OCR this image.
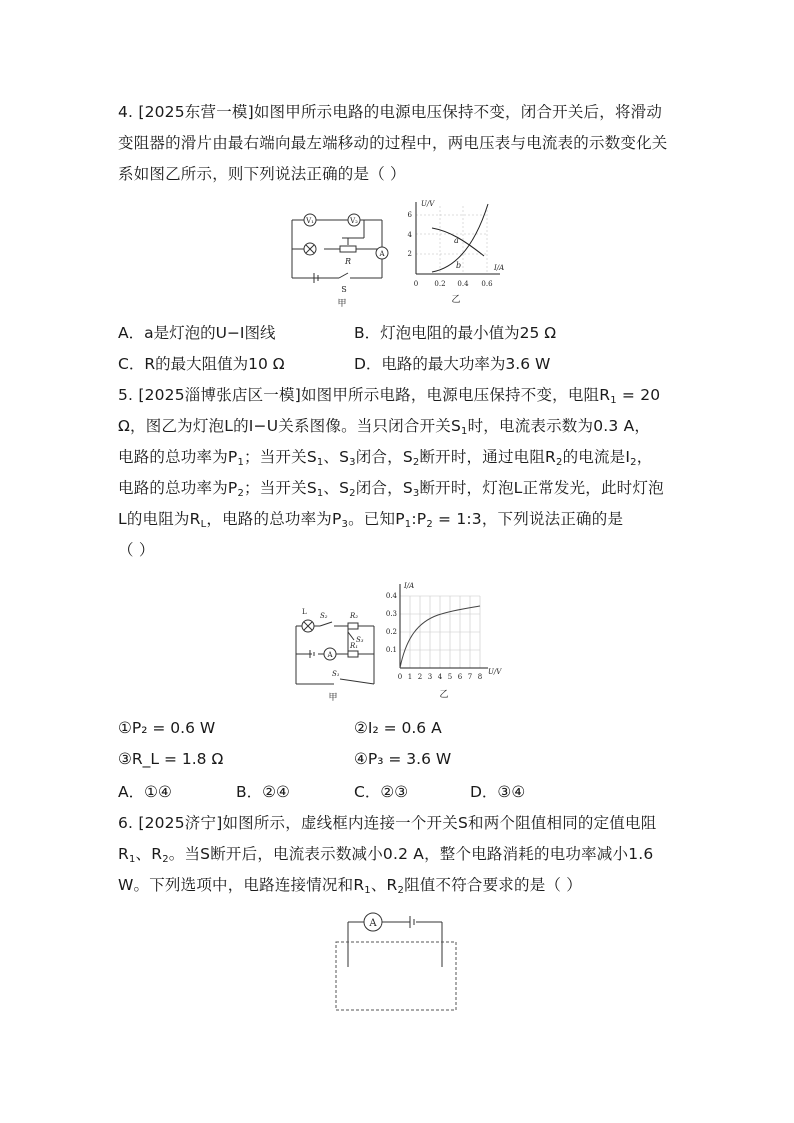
4. [2025东营一模]如图甲所示电路的电源电压保持不变，闭合开关后，将滑动
变阻器的滑片由最右端向最左端移动的过程中，两电压表与电流表的示数变化关
系如图乙所示，则下列说法正确的是（ ）
V₁	V₂
R
A
S
甲
a
b
U/V
I/A
6
4
2
0 0.2 0.4 0.6
乙
A．a是灯泡的U−I图线	B．灯泡电阻的最小值为25 Ω
C．R的最大阻值为10 Ω	D．电路的最大功率为3.6 W
5. [2025淄博张店区一模]如图甲所示电路，电源电压保持不变，电阻$R_1 = 20$
Ω，图乙为灯泡L的I−U关系图像。当只闭合开关$S_1$时，电流表示数为0.3 A，
电路的总功率为$P_1$；当开关$S_1$、$S_3$闭合，$S_2$断开时，通过电阻$R_2$的电流是$I_2$，
电路的总功率为$P_2$；当开关$S_1$、$S_2$闭合，$S_3$断开时，灯泡L正常发光，此时灯泡
L的电阻为$R_L$，电路的总功率为$P_3$。已知$P_1:P_2$ = 1:3，下列说法正确的是
（ ）
A
L S₂	R₂
S₃
R₁
S₁
甲
I/A
U/V
0.4
0.3
0.2
0.1
0 1 2 3 4 5 6 7 8
乙
①P₂ = 0.6 W	②I₂ = 0.6 A
③R_L = 1.8 Ω	④P₃ = 3.6 W
A．①④	B．②④	C．②③	D．③④
6. [2025济宁]如图所示，虚线框内连接一个开关S和两个阻值相同的定值电阻
$R_1$、$R_2$。当S断开后，电流表示数减小0.2 A，整个电路消耗的电功率减小1.6
W。下列选项中，电路连接情况和$R_1$、$R_2$阻值不符合要求的是（ ）
A
